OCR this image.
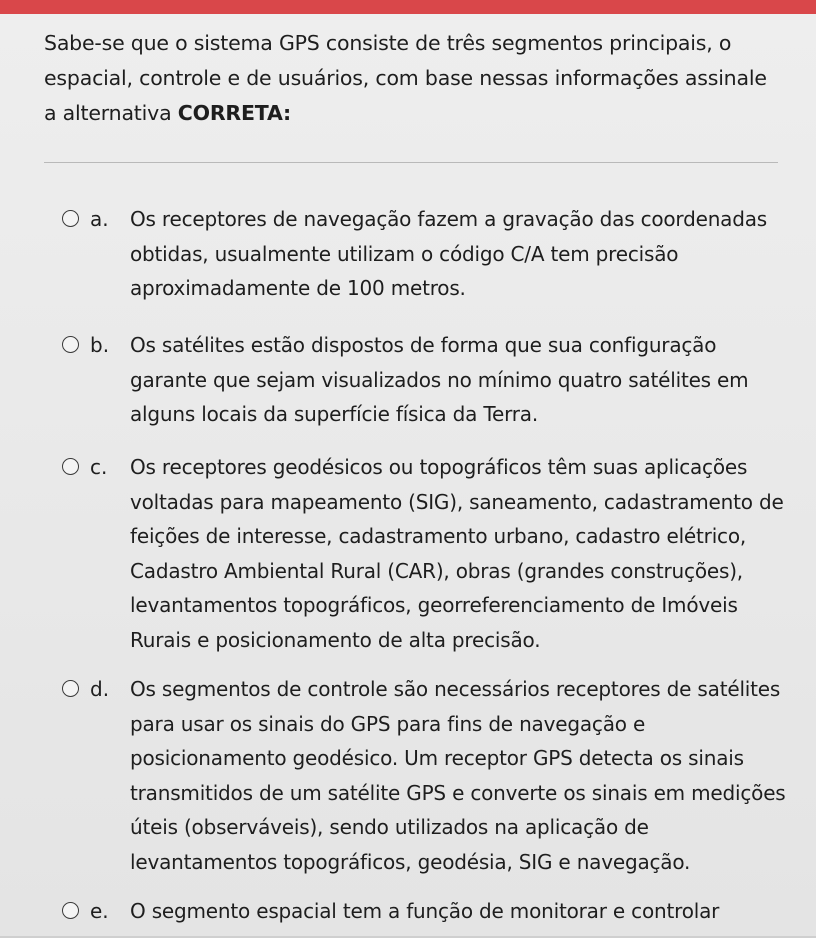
Sabe-se que o sistema GPS consiste de três segmentos principais, o espacial, controle e de usuários, com base nessas informações assinale a alternativa CORRETA:
a. Os receptores de navegação fazem a gravação das coordenadas obtidas, usualmente utilizam o código C/A tem precisão aproximadamente de 100 metros.
b. Os satélites estão dispostos de forma que sua configuração garante que sejam visualizados no mínimo quatro satélites em alguns locais da superfície física da Terra.
c. Os receptores geodésicos ou topográficos têm suas aplicações voltadas para mapeamento (SIG), saneamento, cadastramento de feições de interesse, cadastramento urbano, cadastro elétrico, Cadastro Ambiental Rural (CAR), obras (grandes construções), levantamentos topográficos, georreferenciamento de Imóveis Rurais e posicionamento de alta precisão.
d. Os segmentos de controle são necessários receptores de satélites para usar os sinais do GPS para fins de navegação e posicionamento geodésico. Um receptor GPS detecta os sinais transmitidos de um satélite GPS e converte os sinais em medições úteis (observáveis), sendo utilizados na aplicação de levantamentos topográficos, geodésia, SIG e navegação.
e. O segmento espacial tem a função de monitorar e controlar
